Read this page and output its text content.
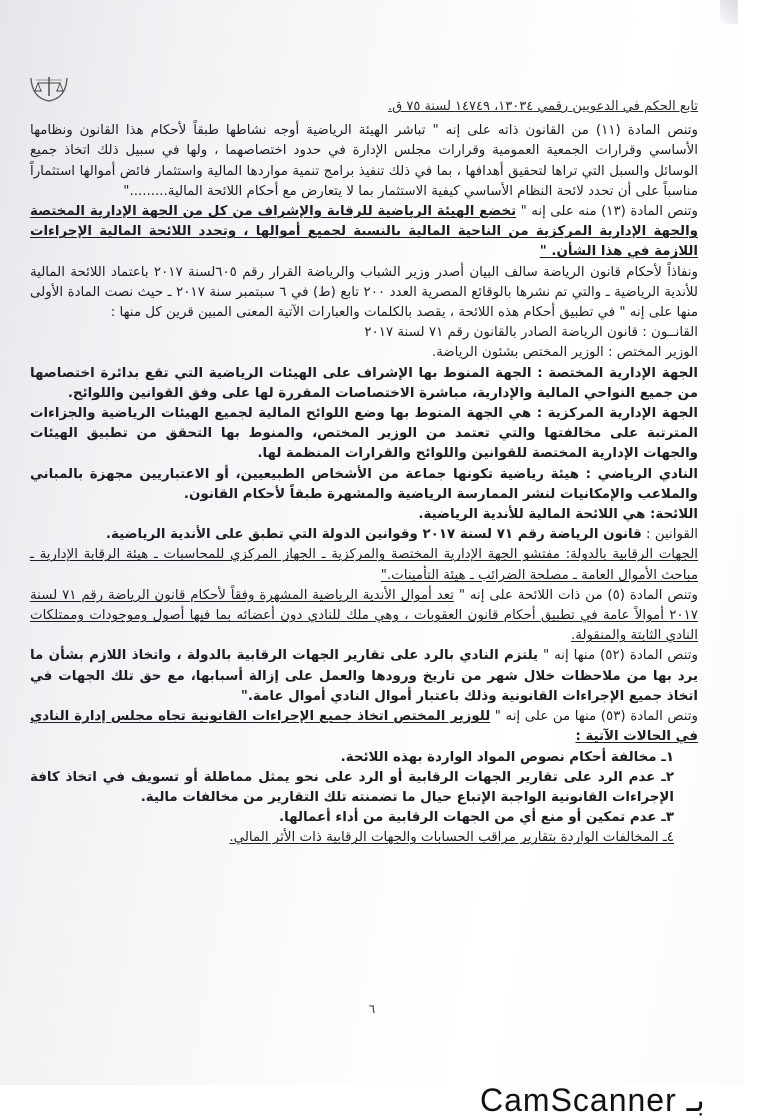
تابع الحكم في الدعويين رقمي ١٣٠٣٤، ١٤٧٤٩ لسنة ٧٥ ق.

وتنص المادة (١١) من القانون ذاته على إنه " تباشر الهيئة الرياضية أوجه نشاطها طبقاً لأحكام هذا القانون ونظامها الأساسي وقرارات الجمعية العمومية وقرارات مجلس الإدارة في حدود اختصاصهما ، ولها في سبيل ذلك اتخاذ جميع الوسائل والسبل التي تراها لتحقيق أهدافها ، بما في ذلك تنفيذ برامج تنمية مواردها المالية واستثمار فائض أموالها استثماراً مناسباً على أن تحدد لائحة النظام الأساسي كيفية الاستثمار بما لا يتعارض مع أحكام اللائحة المالية........."

وتنص المادة (١٣) منه على إنه " تخضع الهيئة الرياضية للرقابة والإشراف من كل من الجهة الإدارية المختصة والجهة الإدارية المركزية من الناحية المالية بالنسبة لجميع أموالها ، وتحدد اللائحة المالية الإجراءات اللازمة في هذا الشأن. "

ونفاذاً لأحكام قانون الرياضة سالف البيان أصدر وزير الشباب والرياضة القرار رقم ٦٠٥لسنة ٢٠١٧ باعتماد اللائحة المالية للأندية الرياضية ـ والتي تم نشرها بالوقائع المصرية العدد ٢٠٠ تابع (ط) في ٦ سبتمبر سنة ٢٠١٧ ـ حيث نصت المادة الأولى منها على إنه " في تطبيق أحكام هذه اللائحة ، يقصد بالكلمات والعبارات الآتية المعنى المبين قرين كل منها :

القانــون : قانون الرياضة الصادر بالقانون رقم ٧١ لسنة ٢٠١٧

الوزير المختص : الوزير المختص بشئون الرياضة.

الجهة الإدارية المختصة : الجهة المنوط بها الإشراف على الهيئات الرياضية التي تقع بدائرة اختصاصها من جميع النواحي المالية والإدارية، مباشرة الاختصاصات المقررة لها على وفق القوانين واللوائح.

الجهة الإدارية المركزية : هي الجهة المنوط بها وضع اللوائح المالية لجميع الهيئات الرياضية والجزاءات المترتبة على مخالفتها والتي تعتمد من الوزير المختص، والمنوط بها التحقق من تطبيق الهيئات والجهات الإدارية المختصة للقوانين واللوائح والقرارات المنظمة لها.

النادي الرياضي : هيئة رياضية تكونها جماعة من الأشخاص الطبيعيين، أو الاعتباريين مجهزة بالمباني والملاعب والإمكانيات لنشر الممارسة الرياضية والمشهرة طبقاً لأحكام القانون.

اللائحة: هي اللائحة المالية للأندية الرياضية.

القوانين : قانون الرياضة رقم ٧١ لسنة ٢٠١٧ وقوانين الدولة التي تطبق على الأندية الرياضية.

الجهات الرقابية بالدولة: مفتشو الجهة الإدارية المختصة والمركزية ـ الجهاز المركزي للمحاسبات ـ هيئة الرقابة الإدارية ـ مباحث الأموال العامة ـ مصلحة الضرائب ـ هيئة التأمينات."

وتنص المادة (٥) من ذات اللائحة على إنه " تعد أموال الأندية الرياضية المشهرة وفقاً لأحكام قانون الرياضة رقم ٧١ لسنة ٢٠١٧ أموالاً عامة في تطبيق أحكام قانون العقوبات ، وهي ملك للنادي دون أعضائه بما فيها أصول وموجودات وممتلكات النادي الثابتة والمنقولة.

وتنص المادة (٥٢) منها إنه " يلتزم النادي بالرد على تقارير الجهات الرقابية بالدولة ، واتخاذ اللازم بشأن ما يرد بها من ملاحظات خلال شهر من تاريخ ورودها والعمل على إزالة أسبابها، مع حق تلك الجهات في اتخاذ جميع الإجراءات القانونية وذلك باعتبار أموال النادي أموال عامة."

وتنص المادة (٥٣) منها من على إنه " للوزير المختص اتخاذ جميع الإجراءات القانونية تجاه مجلس إدارة النادي في الحالات الآتية :

١ـ مخالفة أحكام نصوص المواد الواردة بهذه اللائحة.

٢ـ عدم الرد على تقارير الجهات الرقابية أو الرد على نحو يمثل مماطلة أو تسويف في اتخاذ كافة الإجراءات القانونية الواجبة الإتباع حيال ما تضمنته تلك التقارير من مخالفات مالية.

٣ـ عدم تمكين أو منع أي من الجهات الرقابية من أداء أعمالها.

٤ـ المخالفات الواردة بتقارير مراقب الحسابات والجهات الرقابية ذات الأثر المالي.

٦
CamScanner بـ
